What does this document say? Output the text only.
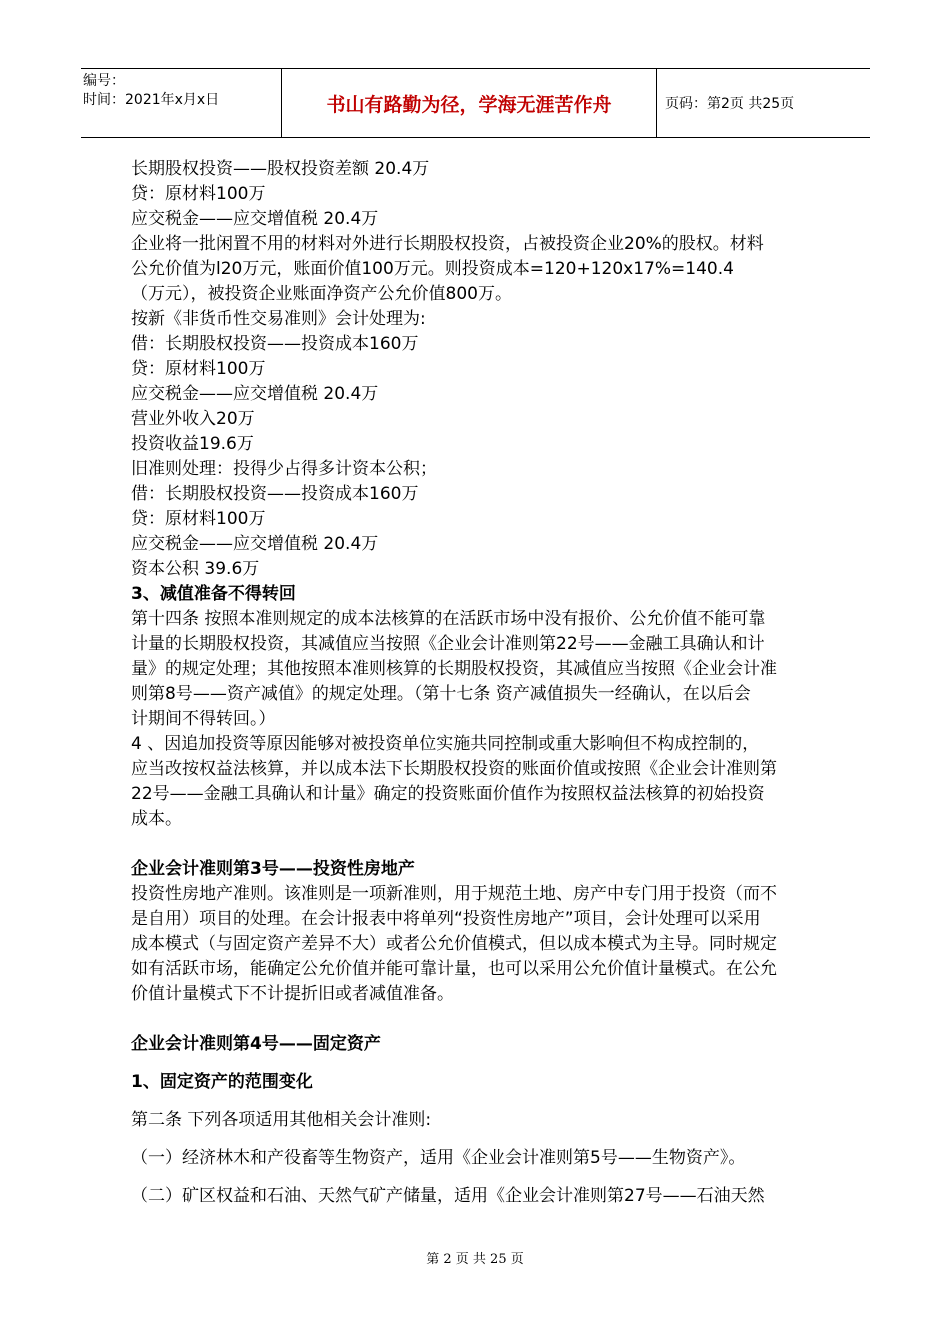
编号：
时间：2021年x月x日	书山有路勤为径，学海无涯苦作舟	页码：第2页 共25页
长期股权投资——股权投资差额 20.4万
贷：原材料100万
应交税金——应交增值税 20.4万
企业将一批闲置不用的材料对外进行长期股权投资，占被投资企业20%的股权。材料
公允价值为l20万元，账面价值100万元。则投资成本=120+120x17%=140.4
（万元），被投资企业账面净资产公允价值800万。
按新《非货币性交易准则》会计处理为:
借：长期股权投资——投资成本160万
贷：原材料100万
应交税金——应交增值税 20.4万
营业外收入20万
投资收益19.6万
旧准则处理：投得少占得多计资本公积；
借：长期股权投资——投资成本160万
贷：原材料100万
应交税金——应交增值税 20.4万
资本公积 39.6万
3、减值准备不得转回
第十四条 按照本准则规定的成本法核算的在活跃市场中没有报价、公允价值不能可靠
计量的长期股权投资，其减值应当按照《企业会计准则第22号——金融工具确认和计
量》的规定处理；其他按照本准则核算的长期股权投资，其减值应当按照《企业会计准
则第8号——资产减值》的规定处理。（第十七条 资产减值损失一经确认，在以后会
计期间不得转回。）
4 、因追加投资等原因能够对被投资单位实施共同控制或重大影响但不构成控制的，
应当改按权益法核算，并以成本法下长期股权投资的账面价值或按照《企业会计准则第
22号——金融工具确认和计量》确定的投资账面价值作为按照权益法核算的初始投资
成本。
企业会计准则第3号——投资性房地产
投资性房地产准则。该准则是一项新准则，用于规范土地、房产中专门用于投资（而不
是自用）项目的处理。在会计报表中将单列“投资性房地产”项目，会计处理可以采用
成本模式（与固定资产差异不大）或者公允价值模式，但以成本模式为主导。同时规定
如有活跃市场，能确定公允价值并能可靠计量，也可以采用公允价值计量模式。在公允
价值计量模式下不计提折旧或者减值准备。
企业会计准则第4号——固定资产
1、固定资产的范围变化
第二条 下列各项适用其他相关会计准则:
（一）经济林木和产役畜等生物资产，适用《企业会计准则第5号——生物资产》。
（二）矿区权益和石油、天然气矿产储量，适用《企业会计准则第27号——石油天然
第 2 页 共 25 页
